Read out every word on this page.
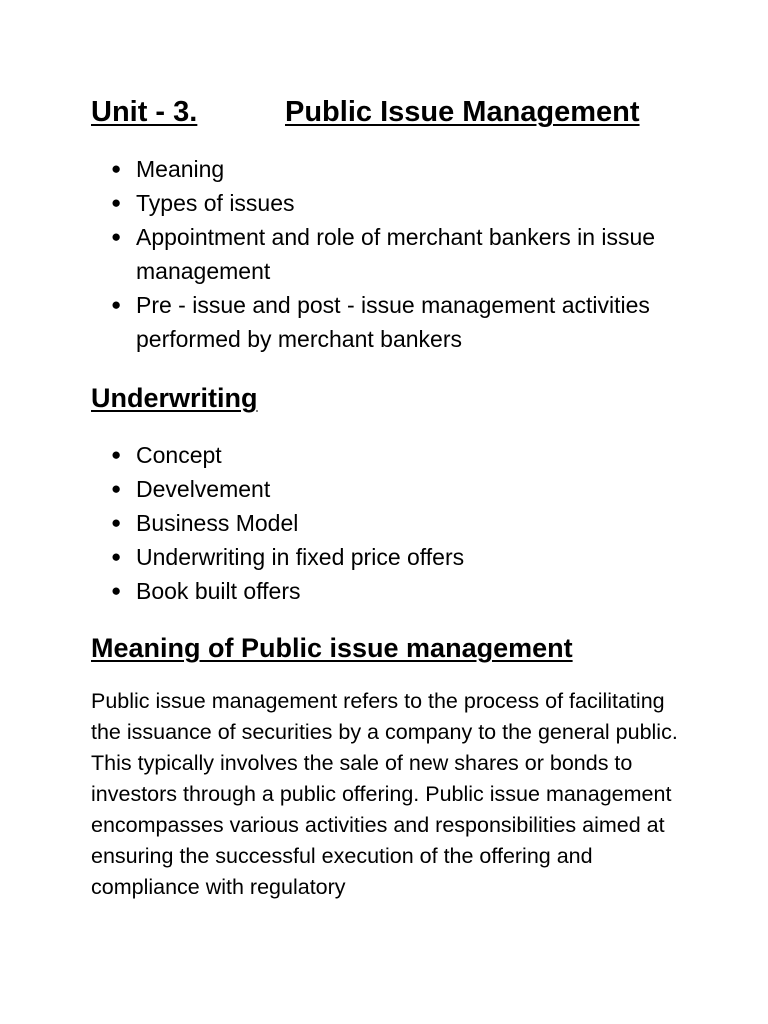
Unit - 3.	Public Issue Management
● Meaning
● Types of issues
● Appointment and role of merchant bankers in issue management
● Pre - issue and post - issue management activities performed by merchant bankers
Underwriting
● Concept
● Develvement
● Business Model
● Underwriting in fixed price offers
● Book built offers
Meaning of Public issue management

Public issue management refers to the process of facilitating the issuance of securities by a company to the general public. This typically involves the sale of new shares or bonds to investors through a public offering. Public issue management encompasses various activities and responsibilities aimed at ensuring the successful execution of the offering and compliance with regulatory
